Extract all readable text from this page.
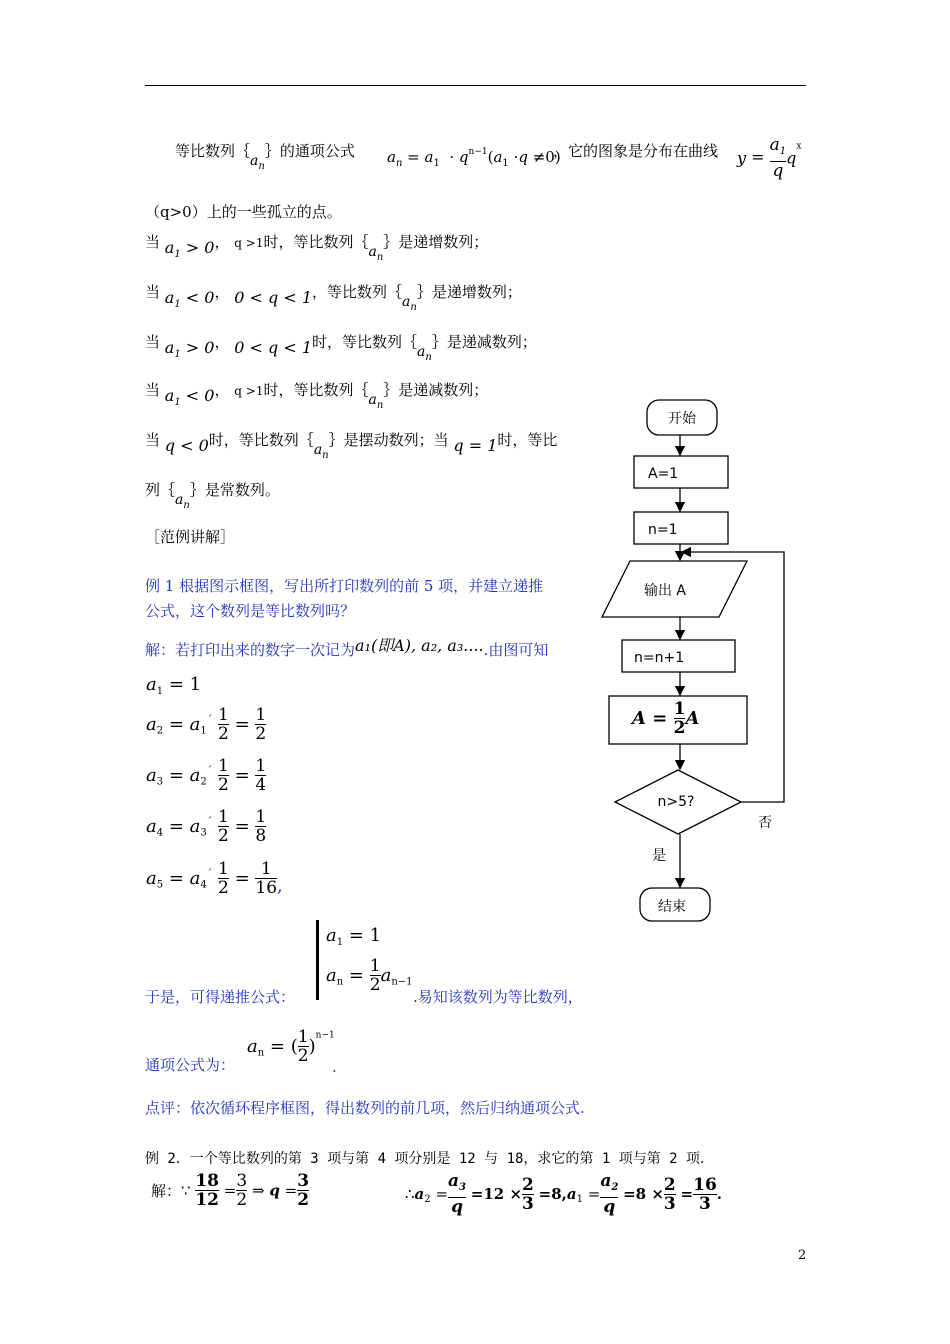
等比数列$\{a_n\}$的通项公式 $a_n = a_1 \cdot q^{n-1}(a_1 \cdot q \ne 0)$
，它的图象是分布在曲线 $y = \frac{a_1}{q} q^x$
（q>0）上的一些孤立的点。
当 $a_1 > 0$， q >1时，等比数列$\{a_n\}$是递增数列；
当 $a_1 < 0$， 0 < q < 1，等比数列$\{a_n\}$是递增数列；
当 $a_1 > 0$， 0 < q < 1时，等比数列$\{a_n\}$是递减数列；
当 $a_1 < 0$， q >1时，等比数列$\{a_n\}$是递减数列；
当 q < 0时，等比数列$\{a_n\}$是摆动数列；当 q = 1时，等比
列$\{a_n\}$是常数列。
［范例讲解］
例 1 根据图示框图，写出所打印数列的前 5 项，并建立递推
公式，这个数列是等比数列吗？
解：若打印出来的数字一次记为a₁(即A), a₂, a₃.....由图可知
$a_1 = 1$
$a_2 = a_1^´ \frac{1}{2} = \frac{1}{2}$
$a_3 = a_2^´ \frac{1}{2} = \frac{1}{4}$
$a_4 = a_3^´ \frac{1}{2} = \frac{1}{8}$
$a_5 = a_4^´ \frac{1}{2} = \frac{1}{16}$ ,
$a_1 = 1$
$a_n = \frac{1}{2} a_{n-1}$
于是，可得递推公式：	.易知该数列为等比数列，
通项公式为：
$a_n$ = ( $\frac{1}{2} )^{n-1}$
.
点评：依次循环程序框图，得出数列的前几项，然后归纳通项公式.
例 2．一个等比数列的第 3 项与第 4 项分别是 12 与 18，求它的第 1 项与第 2 项．
解：∵ $\frac{18}{12} = \frac{3}{2}$ ⇒ $q = \frac{3}{2}$	$\therefore a_2 = \frac{a_3}{q} =12 \times \frac{2}{3} =8,a_1 = \frac{a_2}{q} =8 \times \frac{2}{3} = \frac{16}{3}$ .
开始
A=1
n=1
输出 A
n=n+1
n>5?
否
是
结束
$A = \frac{1}{2}$ A
2
